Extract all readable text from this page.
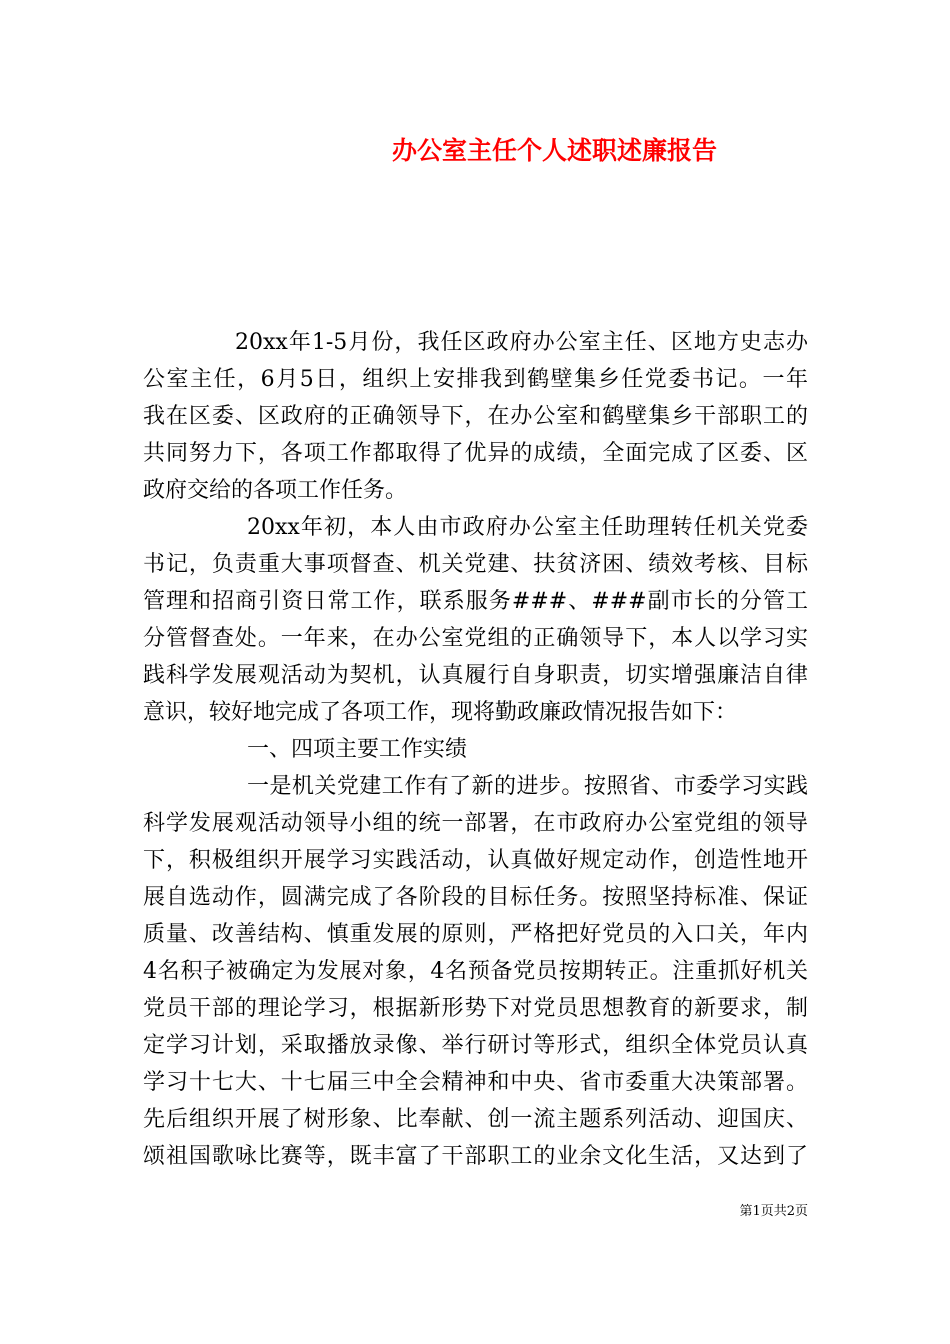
办公室主任个人述职述廉报告
20xx年1-5月份，我任区政府办公室主任、区地方史志办
公室主任，6月5日，组织上安排我到鹤壁集乡任党委书记。一年
我在区委、区政府的正确领导下，在办公室和鹤壁集乡干部职工的
共同努力下，各项工作都取得了优异的成绩，全面完成了区委、区
政府交给的各项工作任务。
20xx年初，本人由市政府办公室主任助理转任机关党委
书记，负责重大事项督查、机关党建、扶贫济困、绩效考核、目标
管理和招商引资日常工作，联系服务###、###副市长的分管工
分管督查处。一年来，在办公室党组的正确领导下，本人以学习实
践科学发展观活动为契机，认真履行自身职责，切实增强廉洁自律
意识，较好地完成了各项工作，现将勤政廉政情况报告如下：
一、四项主要工作实绩
一是机关党建工作有了新的进步。按照省、市委学习实践
科学发展观活动领导小组的统一部署，在市政府办公室党组的领导
下，积极组织开展学习实践活动，认真做好规定动作，创造性地开
展自选动作，圆满完成了各阶段的目标任务。按照坚持标准、保证
质量、改善结构、慎重发展的原则，严格把好党员的入口关，年内
4名积子被确定为发展对象，4名预备党员按期转正。注重抓好机关
党员干部的理论学习，根据新形势下对党员思想教育的新要求，制
定学习计划，采取播放录像、举行研讨等形式，组织全体党员认真
学习十七大、十七届三中全会精神和中央、省市委重大决策部署。
先后组织开展了树形象、比奉献、创一流主题系列活动、迎国庆、
颂祖国歌咏比赛等，既丰富了干部职工的业余文化生活，又达到了
第1页共2页
